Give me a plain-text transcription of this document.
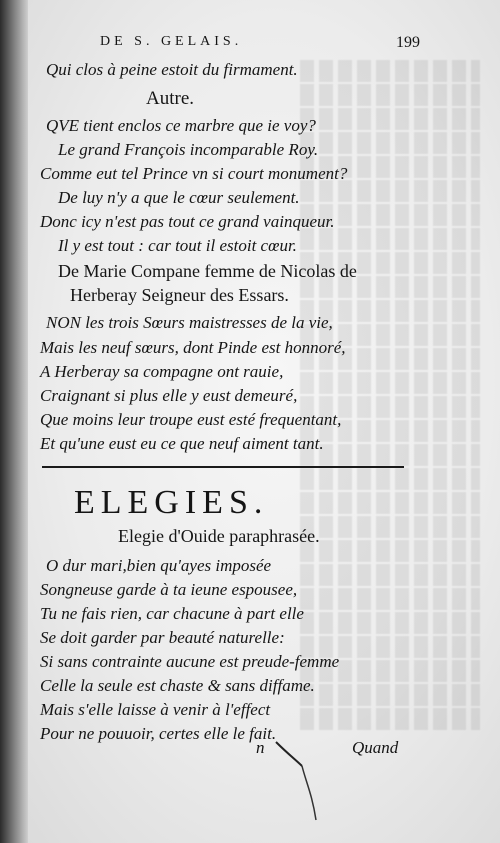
DE S. GELAIS.	199
Qui clos à peine estoit du firmament.
Autre.
QVE tient enclos ce marbre que ie voy?
Le grand François incomparable Roy.
Comme eut tel Prince vn si court monument?
De luy n'y a que le cœur seulement.
Donc icy n'est pas tout ce grand vainqueur.
Il y est tout : car tout il estoit cœur.
De Marie Compane femme de Nicolas de
Herberay Seigneur des Essars.
NON les trois Sœurs maistresses de la vie,
Mais les neuf sœurs, dont Pinde est honnoré,
A Herberay sa compagne ont rauie,
Craignant si plus elle y eust demeuré,
Que moins leur troupe eust esté frequentant,
Et qu'une eust eu ce que neuf aiment tant.
ELEGIES.
Elegie d'Ouide paraphrasée.
O dur mari,bien qu'ayes imposée
Songneuse garde à ta ieune espousee,
Tu ne fais rien, car chacune à part elle
Se doit garder par beauté naturelle:
Si sans contrainte aucune est preude-femme
Celle la seule est chaste & sans diffame.
Mais s'elle laisse à venir à l'effect
Pour ne pouuoir, certes elle le fait.
n	Quand
